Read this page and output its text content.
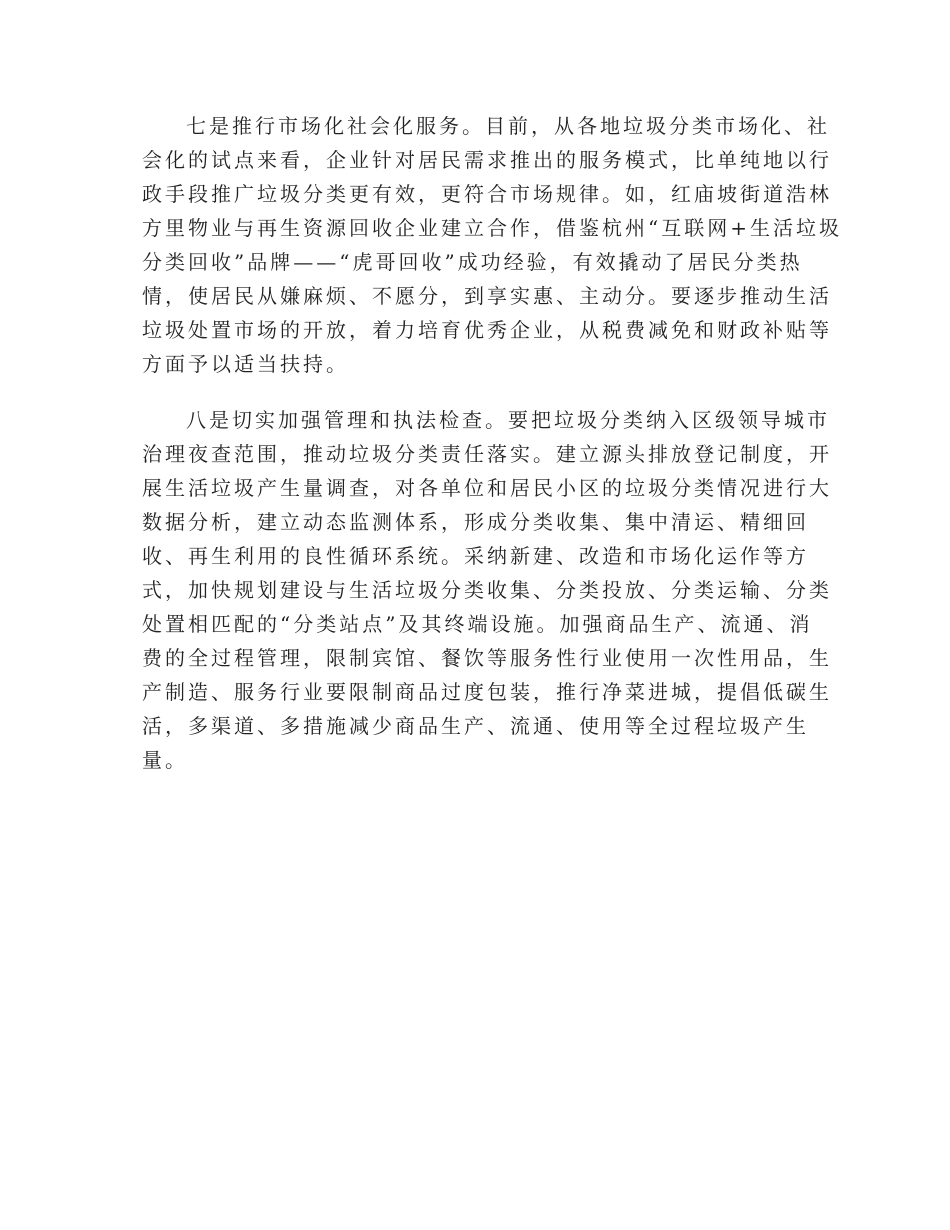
七是推行市场化社会化服务。目前，从各地垃圾分类市场化、社
会化的试点来看，企业针对居民需求推出的服务模式，比单纯地以行
政手段推广垃圾分类更有效，更符合市场规律。如，红庙坡街道浩林
方里物业与再生资源回收企业建立合作，借鉴杭州“互联网+生活垃圾
分类回收”品牌——“虎哥回收”成功经验，有效撬动了居民分类热
情，使居民从嫌麻烦、不愿分，到享实惠、主动分。要逐步推动生活
垃圾处置市场的开放，着力培育优秀企业，从税费减免和财政补贴等
方面予以适当扶持。
八是切实加强管理和执法检查。要把垃圾分类纳入区级领导城市
治理夜查范围，推动垃圾分类责任落实。建立源头排放登记制度，开
展生活垃圾产生量调查，对各单位和居民小区的垃圾分类情况进行大
数据分析，建立动态监测体系，形成分类收集、集中清运、精细回
收、再生利用的良性循环系统。采纳新建、改造和市场化运作等方
式，加快规划建设与生活垃圾分类收集、分类投放、分类运输、分类
处置相匹配的“分类站点”及其终端设施。加强商品生产、流通、消
费的全过程管理，限制宾馆、餐饮等服务性行业使用一次性用品，生
产制造、服务行业要限制商品过度包装，推行净菜进城，提倡低碳生
活，多渠道、多措施减少商品生产、流通、使用等全过程垃圾产生
量。
